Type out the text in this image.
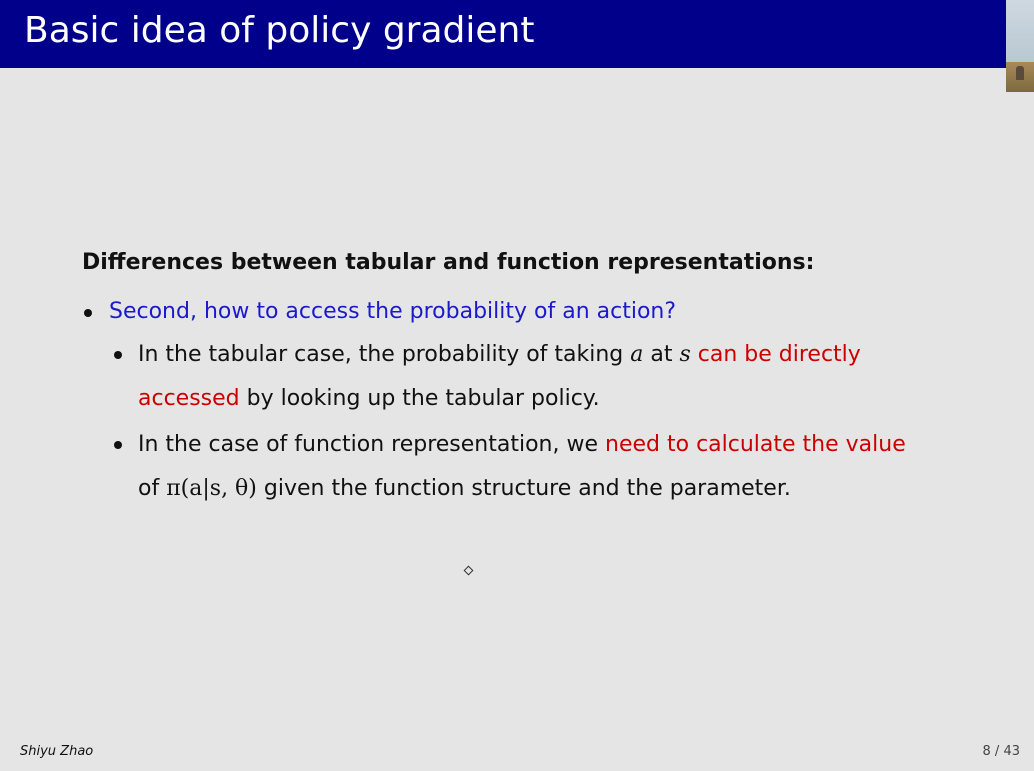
Basic idea of policy gradient
Differences between tabular and function representations:
Second, how to access the probability of an action?
In the tabular case, the probability of taking a at s can be directly
accessed by looking up the tabular policy.
In the case of function representation, we need to calculate the value
of π(a|s, θ) given the function structure and the parameter.
Shiyu Zhao	8 / 43
